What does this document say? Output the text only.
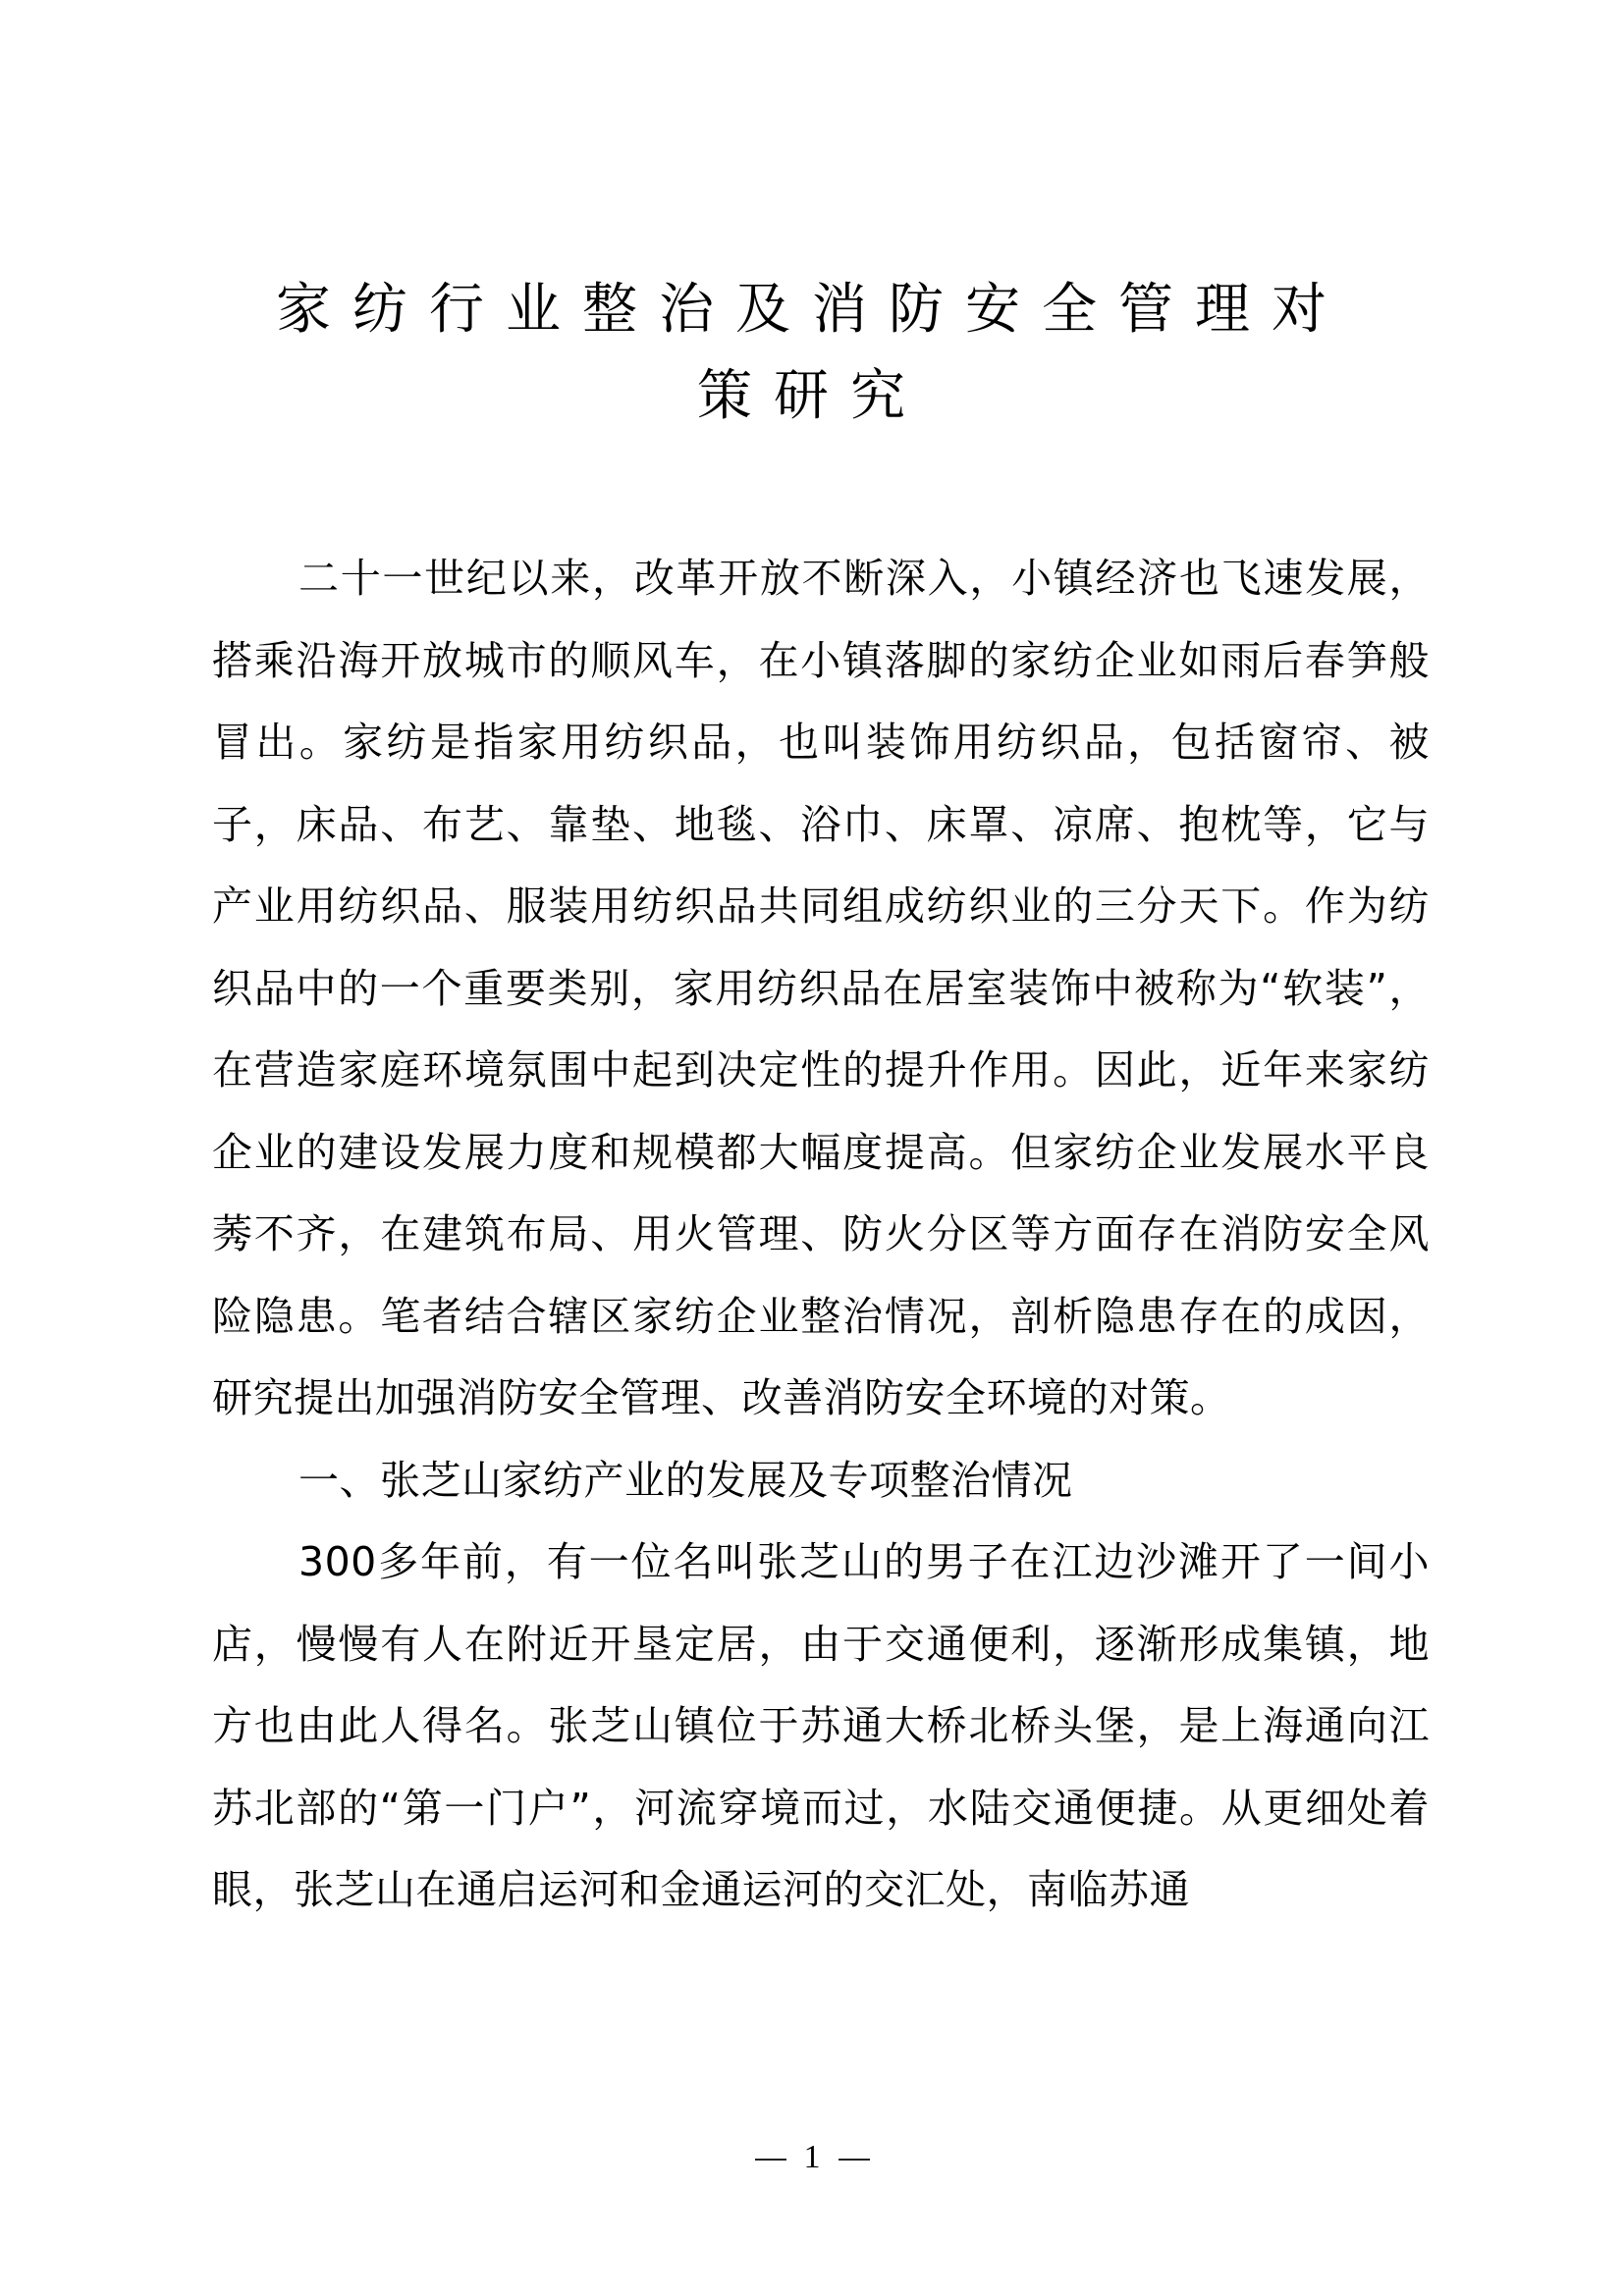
家纺行业整治及消防安全管理对
策研究

二十一世纪以来，改革开放不断深入，小镇经济也飞速发展，搭乘沿海开放城市的顺风车，在小镇落脚的家纺企业如雨后春笋般冒出。家纺是指家用纺织品，也叫装饰用纺织品，包括窗帘、被子，床品、布艺、靠垫、地毯、浴巾、床罩、凉席、抱枕等，它与产业用纺织品、服装用纺织品共同组成纺织业的三分天下。作为纺织品中的一个重要类别，家用纺织品在居室装饰中被称为“软装”，在营造家庭环境氛围中起到决定性的提升作用。因此，近年来家纺企业的建设发展力度和规模都大幅度提高。但家纺企业发展水平良莠不齐，在建筑布局、用火管理、防火分区等方面存在消防安全风险隐患。笔者结合辖区家纺企业整治情况，剖析隐患存在的成因，研究提出加强消防安全管理、改善消防安全环境的对策。

一、张芝山家纺产业的发展及专项整治情况

300多年前，有一位名叫张芝山的男子在江边沙滩开了一间小店，慢慢有人在附近开垦定居，由于交通便利，逐渐形成集镇，地方也由此人得名。张芝山镇位于苏通大桥北桥头堡，是上海通向江苏北部的“第一门户”，河流穿境而过，水陆交通便捷。从更细处着眼，张芝山在通启运河和金通运河的交汇处，南临苏通

1
